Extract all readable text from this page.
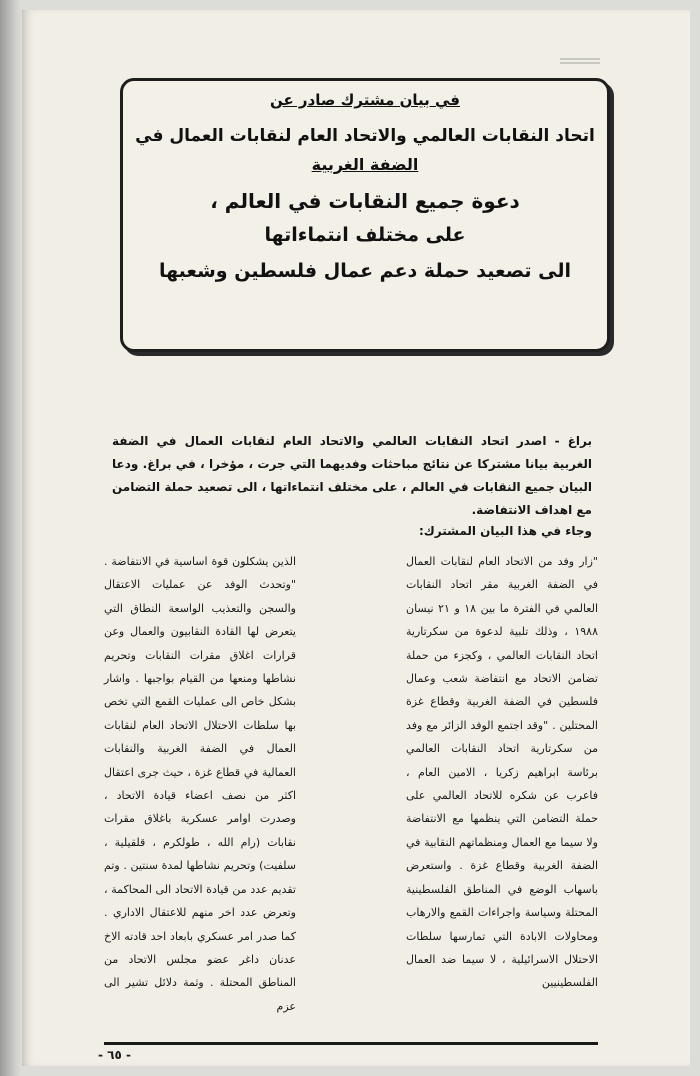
في بيان مشترك صادر عن

اتحاد النقابات العالمي والاتحاد العام لنقابات العمال في

الضفة الغربية

دعوة جميع النقابات في العالم ،

على مختلف انتماءاتها

الى تصعيد حملة دعم عمال فلسطين وشعبها

براغ - اصدر اتحاد النقابات العالمي والاتحاد العام لنقابات العمال في الضفة الغربية بيانا مشتركا عن نتائج مباحثات وفديهما التي جرت ، مؤخرا ، في براغ. ودعا البيان جميع النقابات في العالم ، على مختلف انتماءاتها ، الى تصعيد حملة التضامن مع اهداف الانتفاضة.
وجاء في هذا البيان المشترك:
"زار وفد من الاتحاد العام لنقابات العمال في الضفة الغربية مقر اتحاد النقابات العالمي في الفترة ما بين ١٨ و ٢١ نيسان ١٩٨٨ ، وذلك تلبية لدعوة من سكرتارية اتحاد النقابات العالمي ، وكجزء من حملة تضامن الاتحاد مع انتفاضة شعب وعمال فلسطين في الضفة الغربية وقطاع غزة المحتلين . "وقد اجتمع الوفد الزائر مع وفد من سكرتارية اتحاد النقابات العالمي برئاسة ابراهيم زكريا ، الامين العام ، فاعرب عن شكره للاتحاد العالمي على حملة التضامن التي ينظمها مع الانتفاضة ولا سيما مع العمال ومنظماتهم النقابية في الضفة الغربية وقطاع غزة . واستعرض باسهاب الوضع في المناطق الفلسطينية المحتلة وسياسة واجراءات القمع والارهاب ومحاولات الابادة التي تمارسها سلطات الاحتلال الاسرائيلية ، لا سيما ضد العمال الفلسطينيين
الذين يشكلون قوة اساسية في الانتفاضة . "وتحدث الوفد عن عمليات الاعتقال والسجن والتعذيب الواسعة النطاق التي يتعرض لها القادة النقابيون والعمال وعن قرارات اغلاق مقرات النقابات وتحريم نشاطها ومنعها من القيام بواجبها . واشار بشكل خاص الى عمليات القمع التي تخص بها سلطات الاحتلال الاتحاد العام لنقابات العمال في الضفة الغربية والنقابات العمالية في قطاع غزة ، حيث جرى اعتقال اكثر من نصف اعضاء قيادة الاتحاد ، وصدرت اوامر عسكرية باغلاق مقرات نقابات (رام الله ، طولكرم ، قلقيلية ، سلفيت) وتحريم نشاطها لمدة سنتين . وتم تقديم عدد من قيادة الاتحاد الى المحاكمة ، وتعرض عدد اخر منهم للاعتقال الاداري . كما صدر امر عسكري بابعاد احد قادته الاخ عدنان داغر عضو مجلس الاتحاد من المناطق المحتلة . وثمة دلائل تشير الى عزم
- ٦٥ -
